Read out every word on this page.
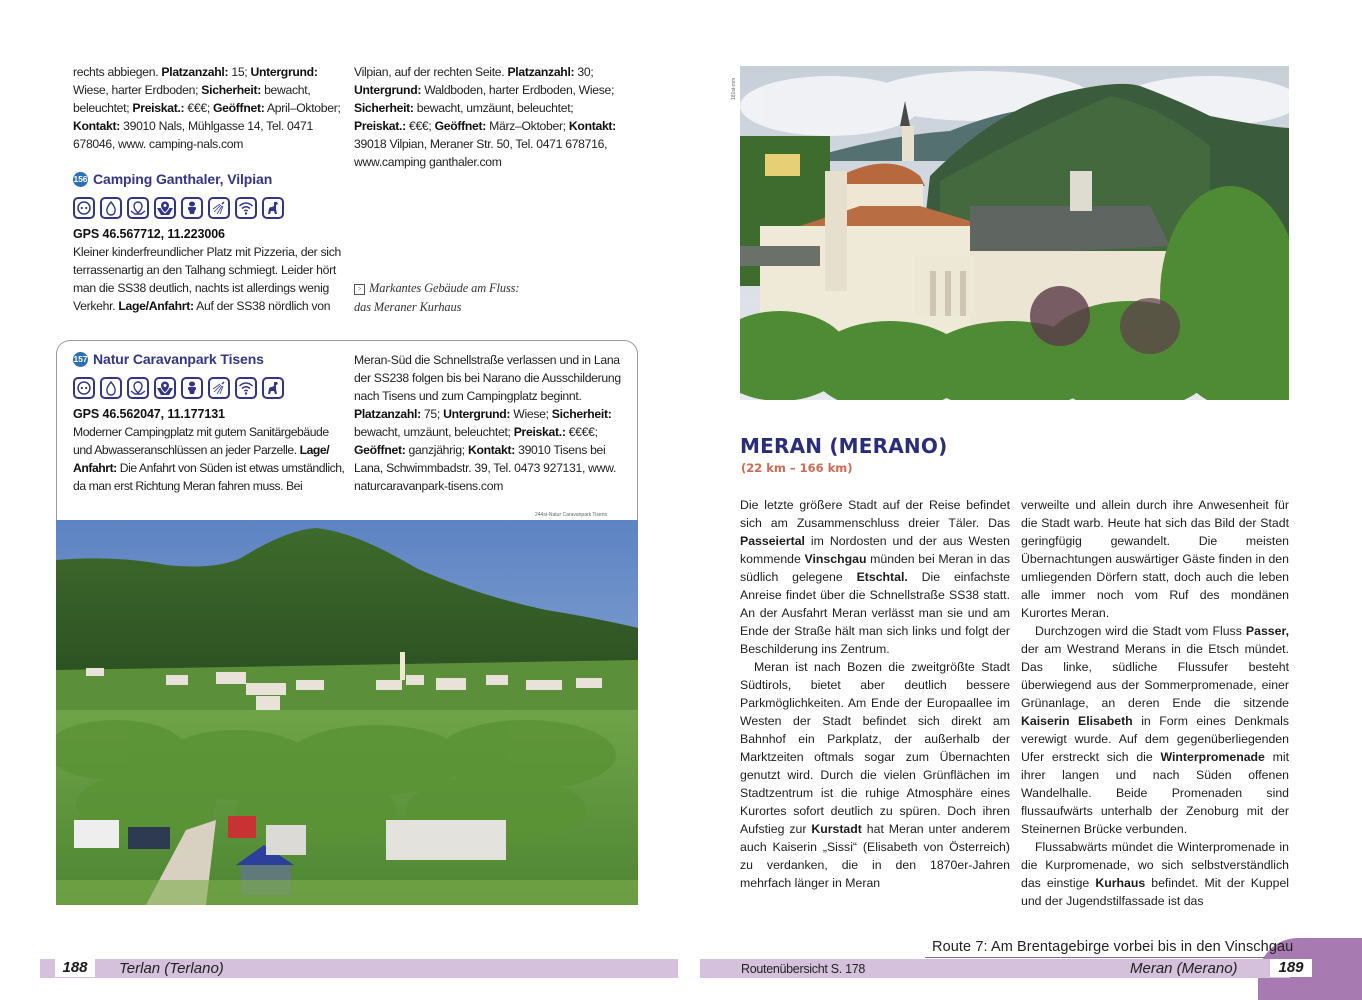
rechts abbiegen. Platzanzahl: 15; Untergrund: Wiese, harter Erdboden; Sicherheit: bewacht, beleuchtet; Preiskat.: €€€; Geöffnet: April–Oktober; Kontakt: 39010 Nals, Mühlgasse 14, Tel. 0471 678046, www. camping-nals.com
156 Camping Ganthaler, Vilpian
GPS 46.567712, 11.223006
Kleiner kinderfreundlicher Platz mit Pizzeria, der sich terrassenartig an den Talhang schmiegt. Leider hört man die SS38 deutlich, nachts ist allerdings wenig Verkehr. Lage/Anfahrt: Auf der SS38 nördlich von
Vilpian, auf der rechten Seite. Platzanzahl: 30; Untergrund: Waldboden, harter Erdboden, Wiese; Sicherheit: bewacht, umzäunt, beleuchtet; Preiskat.: €€€; Geöffnet: März–Oktober; Kontakt: 39018 Vilpian, Meraner Str. 50, Tel. 0471 678716, www.camping ganthaler.com
> Markantes Gebäude am Fluss:
das Meraner Kurhaus
157 Natur Caravanpark Tisens
GPS 46.562047, 11.177131
Moderner Campingplatz mit gutem Sanitärgebäude und Abwasseranschlüssen an jeder Parzelle. Lage/ Anfahrt: Die Anfahrt von Süden ist etwas umständlich, da man erst Richtung Meran fahren muss. Bei
Meran-Süd die Schnellstraße verlassen und in Lana der SS238 folgen bis bei Narano die Ausschilderung nach Tisens und zum Campingplatz beginnt. Platzanzahl: 75; Untergrund: Wiese; Sicherheit: bewacht, umzäunt, beleuchtet; Preiskat.: €€€€; Geöffnet: ganzjährig; Kontakt: 39010 Tisens bei Lana, Schwimmbadstr. 39, Tel. 0473 927131, www. naturcaravanpark-tisens.com
244st-Natur Caravanpark Tisens
188	Terlan (Terlano)
181st-mm
MERAN (MERANO)
(22 km – 166 km)

Die letzte größere Stadt auf der Reise befindet sich am Zusammenschluss dreier Täler. Das Passeiertal im Nordosten und der aus Westen kommende Vinschgau münden bei Meran in das südlich gelegene Etschtal. Die einfachste Anreise findet über die Schnellstraße SS38 statt. An der Ausfahrt Meran verlässt man sie und am Ende der Straße hält man sich links und folgt der Beschilderung ins Zentrum.

Meran ist nach Bozen die zweitgrößte Stadt Südtirols, bietet aber deutlich bessere Parkmöglichkeiten. Am Ende der Europaallee im Westen der Stadt befindet sich direkt am Bahnhof ein Parkplatz, der außerhalb der Marktzeiten oftmals sogar zum Übernachten genutzt wird. Durch die vielen Grünflächen im Stadtzentrum ist die ruhige Atmosphäre eines Kurortes sofort deutlich zu spüren. Doch ihren Aufstieg zur Kurstadt hat Meran unter anderem auch Kaiserin „Sissi“ (Elisabeth von Österreich) zu verdanken, die in den 1870er-Jahren mehrfach länger in Meran

verweilte und allein durch ihre Anwesenheit für die Stadt warb. Heute hat sich das Bild der Stadt geringfügig gewandelt. Die meisten Übernachtungen auswärtiger Gäste finden in den umliegenden Dörfern statt, doch auch die leben alle immer noch vom Ruf des mondänen Kurortes Meran.

Durchzogen wird die Stadt vom Fluss Passer, der am Westrand Merans in die Etsch mündet. Das linke, südliche Flussufer besteht überwiegend aus der Sommerpromenade, einer Grünanlage, an deren Ende die sitzende Kaiserin Elisabeth in Form eines Denkmals verewigt wurde. Auf dem gegenüberliegenden Ufer erstreckt sich die Winterpromenade mit ihrer langen und nach Süden offenen Wandelhalle. Beide Promenaden sind flussaufwärts unterhalb der Zenoburg mit der Steinernen Brücke verbunden.

Flussabwärts mündet die Winterpromenade in die Kurpromenade, wo sich selbstverständlich das einstige Kurhaus befindet. Mit der Kuppel und der Jugendstilfassade ist das

Route 7: Am Brentagebirge vorbei bis in den Vinschgau
Routenübersicht S. 178	Meran (Merano)	189
